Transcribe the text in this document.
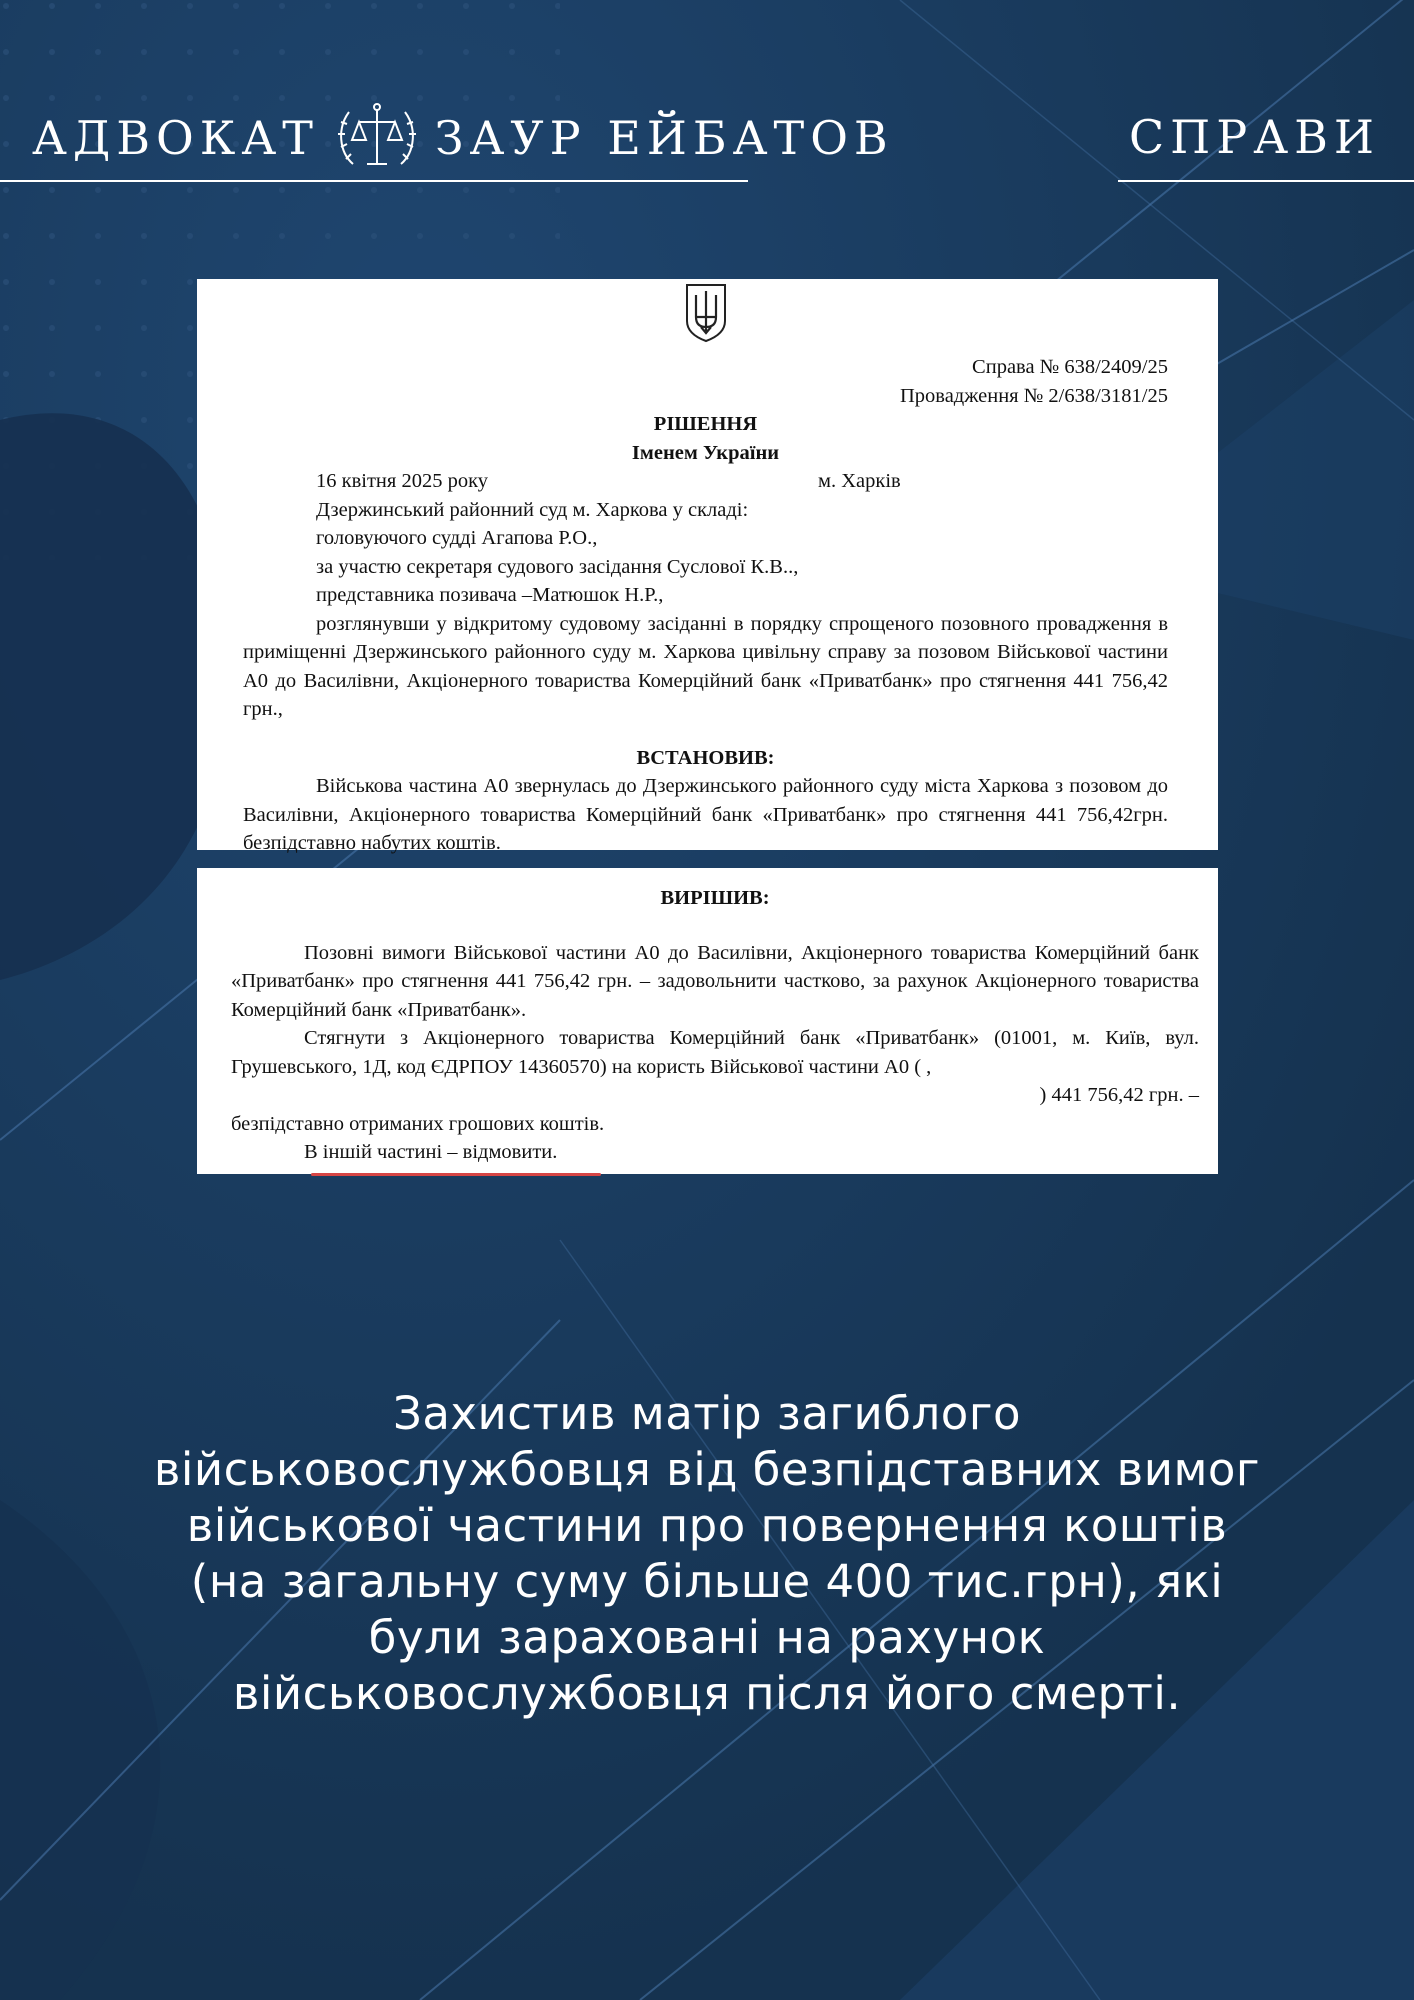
АДВОКАТ	ЗАУР ЕЙБАТОВ	СПРАВИ

Справа № 638/2409/25

Провадження № 2/638/3181/25

РІШЕННЯ

Іменем України

16 квітня 2025 року	м. Харків

Дзержинський районний суд м. Харкова у складі:

головуючого судді Агапова Р.О.,

за участю секретаря судового засідання Суслової К.В..,

представника позивача –Матюшок Н.Р.,

розглянувши у відкритому судовому засіданні в порядку спрощеного позовного провадження в приміщенні Дзержинського районного суду м. Харкова цивільну справу за позовом Військової частини А0 до Василівни, Акціонерного товариства Комерційний банк «Приватбанк» про стягнення 441 756,42 грн.,

ВСТАНОВИВ:

Військова частина А0 звернулась до Дзержинського районного суду міста Харкова з позовом до Василівни, Акціонерного товариства Комерційний банк «Приватбанк» про стягнення 441 756,42грн. безпідставно набутих коштів.

ВИРІШИВ:

Позовні вимоги Військової частини А0 до Василівни, Акціонерного товариства Комерційний банк «Приватбанк» про стягнення 441 756,42 грн. – задовольнити частково, за рахунок Акціонерного товариства Комерційний банк «Приватбанк».

Стягнути з Акціонерного товариства Комерційний банк «Приватбанк» (01001, м. Київ, вул. Грушевського, 1Д, код ЄДРПОУ 14360570) на користь Військової частини А0 ( ,

) 441 756,42 грн. –

безпідставно отриманих грошових коштів.

В іншій частині – відмовити.

Захистив матір загиблого
військовослужбовця від безпідставних вимог
військової частини про повернення коштів
(на загальну суму більше 400 тис.грн), які
були зараховані на рахунок
військовослужбовця після його смерті.
